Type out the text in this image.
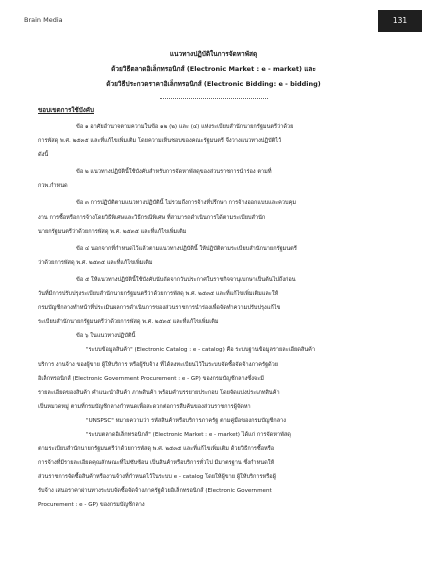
Brain Media	131
แนวทางปฏิบัติในการจัดหาพัสดุ
ด้วยวิธีตลาดอิเล็กทรอนิกส์ (Electronic Market : e - market) และ
ด้วยวิธีประกวดราคาอิเล็กทรอนิกส์ (Electronic Bidding: e - bidding)
ขอบเขตการใช้บังคับ
ข้อ ๑ อาศัยอำนาจตามความในข้อ ๑๒ (๒) และ (๔) แห่งระเบียบสำนักนายกรัฐมนตรีว่าด้วย
การพัสดุ พ.ศ. ๒๕๓๕ และที่แก้ไขเพิ่มเติม โดยความเห็นชอบของคณะรัฐมนตรี จึงวางแนวทางปฏิบัติไว้
ดังนี้
ข้อ ๒ แนวทางปฏิบัตินี้ใช้บังคับสำหรับการจัดหาพัสดุของส่วนราชการนำร่อง ตามที่
กวพ.กำหนด
ข้อ ๓ การปฏิบัติตามแนวทางปฏิบัตินี้ ไม่รวมถึงการจ้างที่ปรึกษา การจ้างออกแบบและควบคุม
งาน การซื้อหรือการจ้างโดยวิธีพิเศษและวิธีกรณีพิเศษ ที่สามารถดำเนินการได้ตามระเบียบสำนัก
นายกรัฐมนตรีว่าด้วยการพัสดุ พ.ศ. ๒๕๓๕ และที่แก้ไขเพิ่มเติม
ข้อ ๔ นอกจากที่กำหนดไว้แล้วตามแนวทางปฏิบัตินี้ ให้ปฏิบัติตามระเบียบสำนักนายกรัฐมนตรี
ว่าด้วยการพัสดุ พ.ศ. ๒๕๓๕ และที่แก้ไขเพิ่มเติม
ข้อ ๕ ให้แนวทางปฏิบัตินี้ใช้บังคับนับถัดจากวันประกาศในราชกิจจานุเบกษาเป็นต้นไปถึงก่อน
วันที่มีการปรับปรุงระเบียบสำนักนายกรัฐมนตรีว่าด้วยการพัสดุ พ.ศ. ๒๕๓๕ และที่แก้ไขเพิ่มเติมและให้
กรมบัญชีกลางทำหน้าที่ประเมินผลการดำเนินการของส่วนราชการนำร่องเพื่อจัดทำความปรับปรุงแก้ไข
ระเบียบสำนักนายกรัฐมนตรีว่าด้วยการพัสดุ พ.ศ. ๒๕๓๕ และที่แก้ไขเพิ่มเติม
ข้อ ๖ ในแนวทางปฏิบัตินี้
"ระบบข้อมูลสินค้า" (Electronic Catalog : e - catalog) คือ ระบบฐานข้อมูลรายละเอียดสินค้า
บริการ งานจ้าง ของผู้ขาย ผู้ให้บริการ หรือผู้รับจ้าง ที่ได้ลงทะเบียนไว้ในระบบจัดซื้อจัดจ้างภาครัฐด้วย
อิเล็กทรอนิกส์ (Electronic Government Procurement : e - GP) ของกรมบัญชีกลางซึ่งจะมี
รายละเอียดของสินค้า คำแนะนำสินค้า ภาพสินค้า พร้อมคำบรรยายประกอบ โดยจัดแบ่งประเภทสินค้า
เป็นหมวดหมู่ ตามที่กรมบัญชีกลางกำหนดเพื่อสะดวกต่อการสืบค้นของส่วนราชการผู้จัดหา
"UNSPSC" หมายความว่า รหัสสินค้าหรือบริการภาครัฐ ตามคู่มือของกรมบัญชีกลาง
"ระบบตลาดอิเล็กทรอนิกส์" (Electronic Market : e - market) ได้แก่ การจัดหาพัสดุ
ตามระเบียบสำนักนายกรัฐมนตรีว่าด้วยการพัสดุ พ.ศ. ๒๕๓๕ และที่แก้ไขเพิ่มเติม ด้วยวิธีการซื้อหรือ
การจ้างที่มีรายละเอียดคุณลักษณะที่ไม่ซับซ้อน เป็นสินค้าหรือบริการทั่วไป มีมาตรฐาน ซึ่งกำหนดให้
ส่วนราชการจัดซื้อสินค้าหรืองานจ้างที่กำหนดไว้ในระบบ e - catalog โดยให้ผู้ขาย ผู้ให้บริการหรือผู้
รับจ้าง เสนอราคาผ่านทางระบบจัดซื้อจัดจ้างภาครัฐด้วยอิเล็กทรอนิกส์ (Electronic Government
Procurement : e - GP) ของกรมบัญชีกลาง
